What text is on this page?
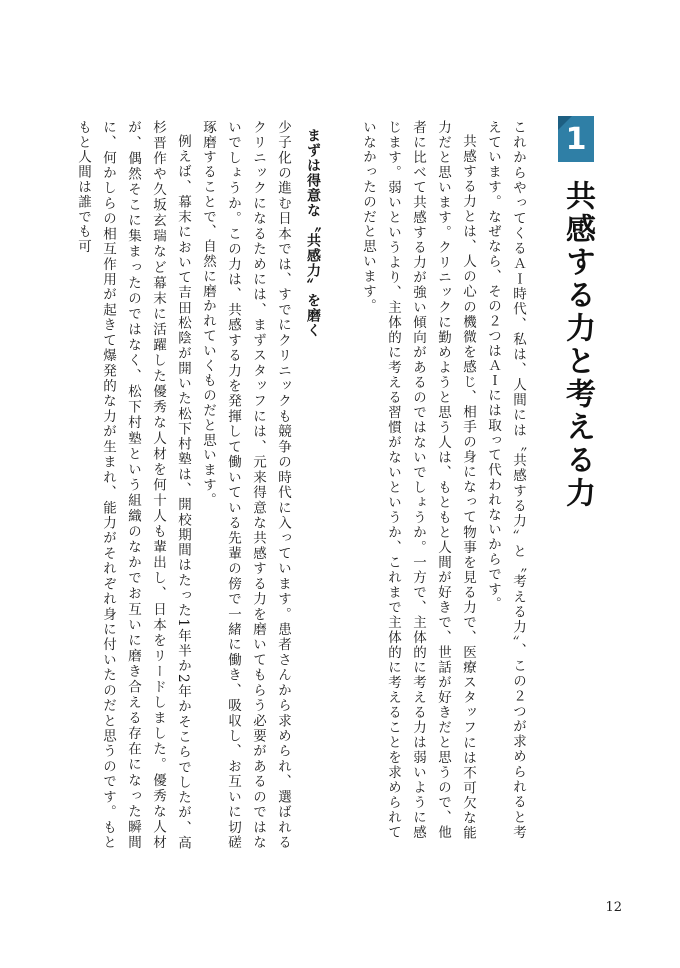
1
共感する力と考える力

これからやってくるＡＩ時代、私は、人間には〝共感する力〟と〝考える力〟、この２つが求められると考えています。なぜなら、その２つはＡＩには取って代われないからです。

共感する力とは、人の心の機微を感じ、相手の身になって物事を見る力で、医療スタッフには不可欠な能力だと思います。クリニックに勤めようと思う人は、もともと人間が好きで、世話が好きだと思うので、他者に比べて共感する力が強い傾向があるのではないでしょうか。一方で、主体的に考える力は弱いように感じます。弱いというより、主体的に考える習慣がないというか、これまで主体的に考えることを求められていなかったのだと思います。

まずは得意な〝共感力〟を磨く

少子化の進む日本では、すでにクリニックも競争の時代に入っています。患者さんから求められ、選ばれるクリニックになるためには、まずスタッフには、元来得意な共感する力を磨いてもらう必要があるのではないでしょうか。この力は、共感する力を発揮して働いている先輩の傍で一緒に働き、吸収し、お互いに切磋琢磨することで、自然に磨かれていくものだと思います。

例えば、幕末において吉田松陰が開いた松下村塾は、開校期間はたった1年半か2年かそこらでしたが、高杉晋作や久坂玄瑞など幕末に活躍した優秀な人材を何十人も輩出し、日本をリードしました。優秀な人材が、偶然そこに集まったのではなく、松下村塾という組織のなかでお互いに磨き合える存在になった瞬間に、何かしらの相互作用が起きて爆発的な力が生まれ、能力がそれぞれ身に付いたのだと思うのです。もともと人間は誰でも可

12
